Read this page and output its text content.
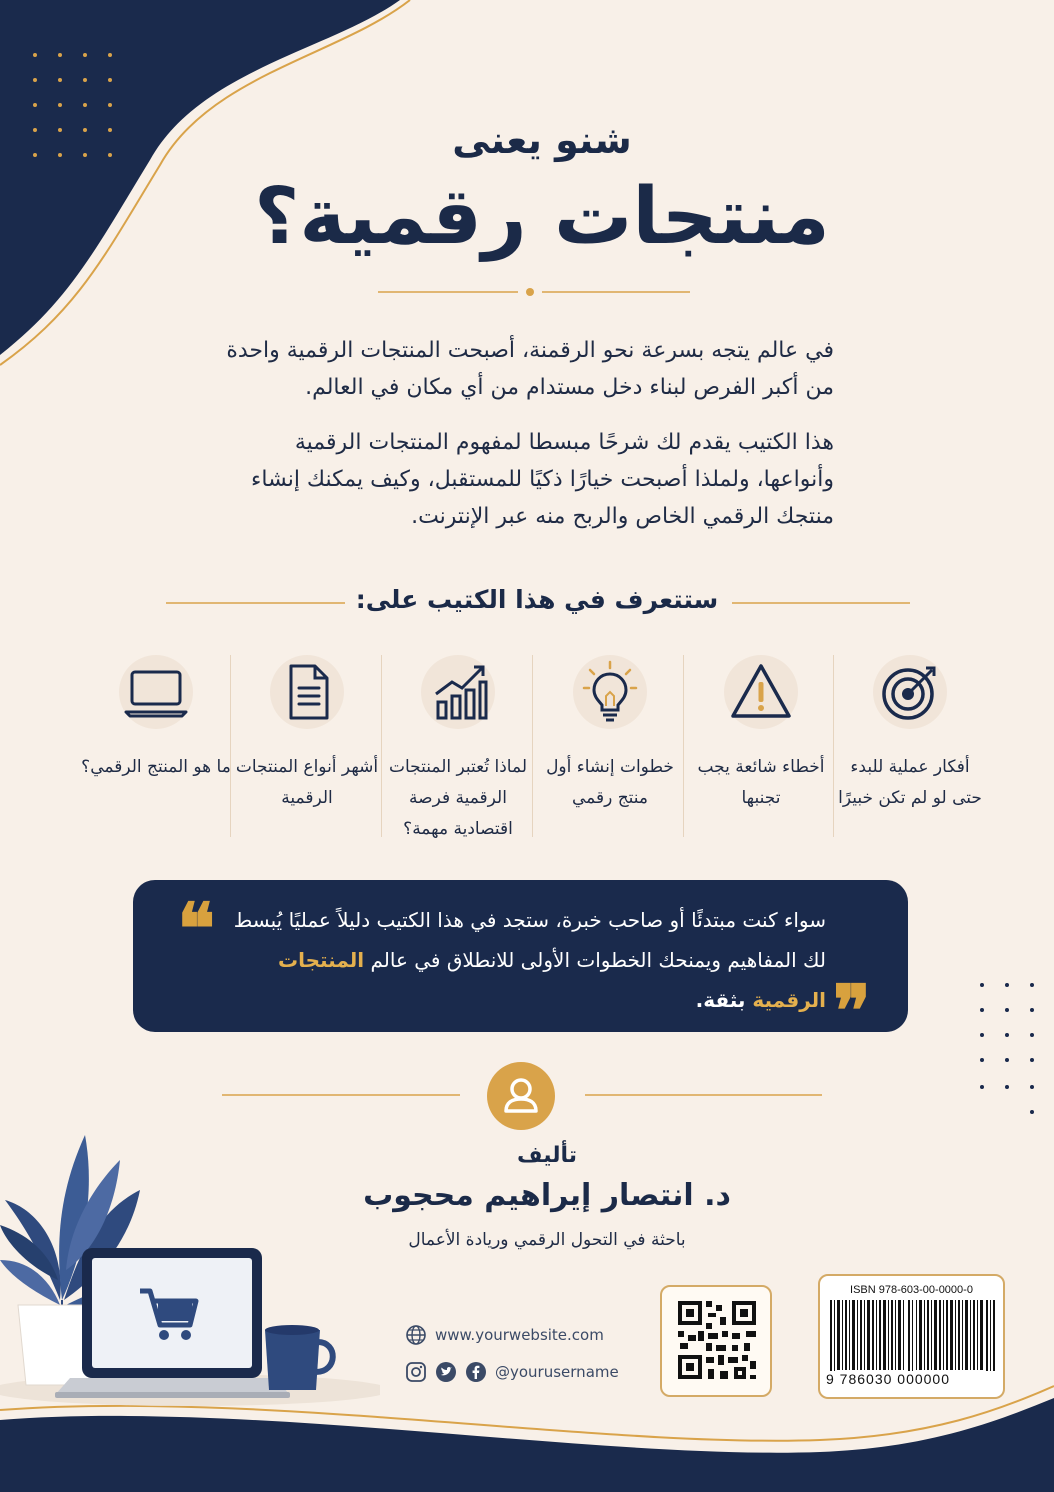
شنو يعنى
منتجات رقمية؟
في عالم يتجه بسرعة نحو الرقمنة، أصبحت المنتجات الرقمية واحدة من أكبر الفرص لبناء دخل مستدام من أي مكان في العالم.
هذا الكتيب يقدم لك شرحًا مبسطا لمفهوم المنتجات الرقمية وأنواعها، ولملذا أصبحت خيارًا ذكيًا للمستقبل، وكيف يمكنك إنشاء منتجك الرقمي الخاص والربح منه عبر الإنترنت.
ستتعرف في هذا الكتيب على:
أفكار عملية للبدء حتى لو لم تكن خبيرًا
أخطاء شائعة يجب تجنبها
خطوات إنشاء أول منتج رقمي
لماذا تُعتبر المنتجات الرقمية فرصة اقتصادية مهمة؟
أشهر أنواع المنتجات الرقمية
ما هو المنتج الرقمي؟
❝ سواء كنت مبتدئًا أو صاحب خبرة، ستجد في هذا الكتيب دليلاً عمليًا يُبسط لك المفاهيم ويمنحك الخطوات الأولى للانطلاق في عالم المنتجات الرقمية بثقة.	❞
تأليف
د. انتصار إيراهيم محجوب
باحثة في التحول الرقمي وريادة الأعمال
www.yourwebsite.com
@yourusername
ISBN 978-603-00-0000-0
9 786030 000000
